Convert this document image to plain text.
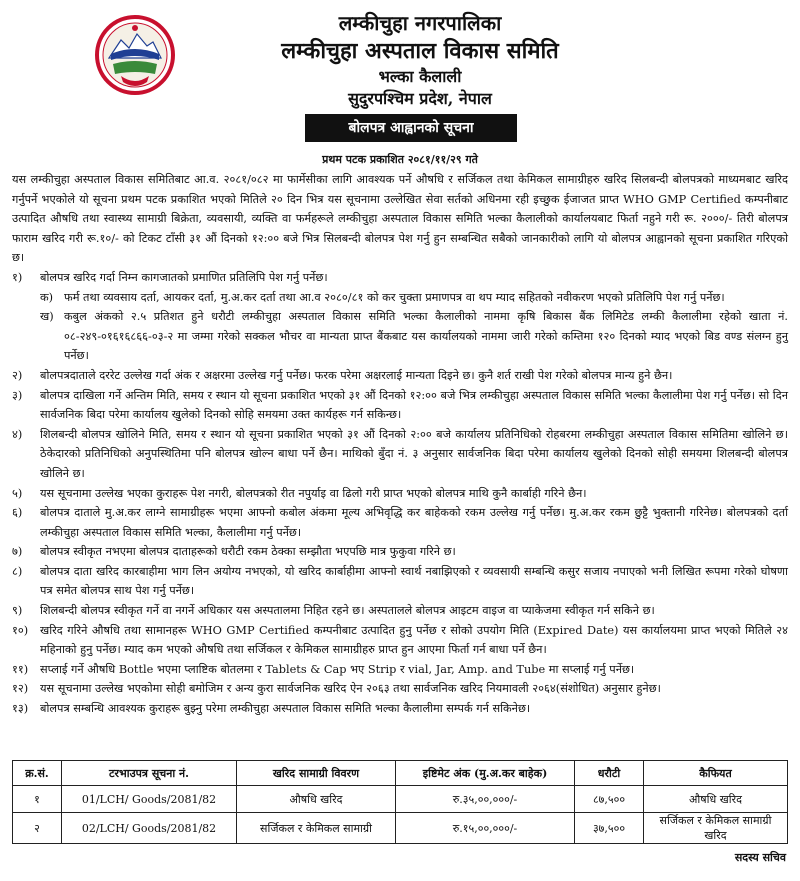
लम्कीचुहा नगरपालिका
लम्कीचुहा अस्पताल विकास समिति
भल्का कैलाली
सुदुरपश्चिम प्रदेश, नेपाल
बोलपत्र आह्वानको सूचना
प्रथम पटक प्रकाशित २०८१/११/२९ गते

यस लम्कीचुहा अस्पताल विकास समितिबाट आ.व. २०८१/०८२ मा फार्मेसीका लागि आवश्यक पर्ने औषधि र सर्जिकल तथा केमिकल सामाग्रीहरु खरिद सिलबन्दी बोलपत्रको माध्यमबाट खरिद गर्नुपर्ने भएकोले यो सूचना प्रथम पटक प्रकाशित भएको मितिले २० दिन भित्र यस सूचनामा उल्लेखित सेवा सर्तको अधिनमा रही इच्छुक ईजाजत प्राप्त WHO GMP Certified कम्पनीबाट उत्पादित औषधि तथा स्वास्थ्य सामाग्री बिक्रेता, व्यवसायी, व्यक्ति वा फर्महरूले लम्कीचुहा अस्पताल विकास समिति भल्का कैलालीको कार्यालयबाट फिर्ता नहुने गरी रू. २०००/- तिरी बोलपत्र फाराम खरिद गरी रू.१०/- को टिकट टाँसी ३१ औं दिनको १२:०० बजे भित्र सिलबन्दी बोलपत्र पेश गर्नु हुन सम्बन्धित सबैको जानकारीको लागि यो बोलपत्र आह्वानको सूचना प्रकाशित गरिएको छ।

१)	बोलपत्र खरिद गर्दा निम्न कागजातको प्रमाणित प्रतिलिपि पेश गर्नु पर्नेछ।
क) फर्म तथा व्यवसाय दर्ता, आयकर दर्ता, मु.अ.कर दर्ता तथा आ.व २०८०/८१ को कर चुक्ता प्रमाणपत्र वा थप म्याद सहितको नवीकरण भएको प्रतिलिपि पेश गर्नु पर्नेछ।
ख) कबुल अंकको २.५ प्रतिशत हुने धरौटी लम्कीचुहा अस्पताल विकास समिति भल्का कैलालीको नाममा कृषि बिकास बैंक लिमिटेड लम्की कैलालीमा रहेको खाता नं. ०८-२४९-०१६१६८६६-०३-२ मा जम्मा गरेको सक्कल भौचर वा मान्यता प्राप्त बैंकबाट यस कार्यालयको नाममा जारी गरेको कम्तिमा १२० दिनको म्याद भएको बिड वण्ड संलग्न हुनु पर्नेछ।
२)	बोलपत्रदाताले दररेट उल्लेख गर्दा अंक र अक्षरमा उल्लेख गर्नु पर्नेछ। फरक परेमा अक्षरलाई मान्यता दिइने छ। कुनै शर्त राखी पेश गरेको बोलपत्र मान्य हुने छैन।
३)	बोलपत्र दाखिला गर्ने अन्तिम मिति, समय र स्थान यो सूचना प्रकाशित भएको ३१ औं दिनको १२:०० बजे भित्र लम्कीचुहा अस्पताल विकास समिति भल्का कैलालीमा पेश गर्नु पर्नेछ। सो दिन सार्वजनिक बिदा परेमा कार्यालय खुलेको दिनको सोहि समयमा उक्त कार्यहरू गर्न सकिन्छ।
४)	शिलबन्दी बोलपत्र खोलिने मिति, समय र स्थान यो सूचना प्रकाशित भएको ३१ औं दिनको २:०० बजे कार्यालय प्रतिनिधिको रोहबरमा लम्कीचुहा अस्पताल विकास समितिमा खोलिने छ। ठेकेदारको प्रतिनिधिको अनुपस्थितिमा पनि बोलपत्र खोल्न बाधा पर्ने छैन। माथिको बुँदा नं. ३ अनुसार सार्वजनिक बिदा परेमा कार्यालय खुलेको दिनको सोही समयमा शिलबन्दी बोलपत्र खोलिने छ।
५)	यस सूचनामा उल्लेख भएका कुराहरू पेश नगरी, बोलपत्रको रीत नपुर्याइ वा ढिलो गरी प्राप्त भएको बोलपत्र माथि कुनै कार्बाही गरिने छैन।
६)	बोलपत्र दाताले मु.अ.कर लाग्ने सामाग्रीहरू भएमा आफ्नो कबोल अंकमा मूल्य अभिवृद्धि कर बाहेकको रकम उल्लेख गर्नु पर्नेछ। मु.अ.कर रकम छुट्टै भुक्तानी गरिनेछ। बोलपत्रको दर्ता लम्कीचुहा अस्पताल विकास समिति भल्का, कैलालीमा गर्नु पर्नेछ।
७)	बोलपत्र स्वीकृत नभएमा बोलपत्र दाताहरूको धरौटी रकम ठेक्का सम्झौता भएपछि मात्र फुकुवा गरिने छ।
८)	बोलपत्र दाता खरिद कारबाहीमा भाग लिन अयोग्य नभएको, यो खरिद कार्बाहीमा आफ्नो स्वार्थ नबाझिएको र व्यवसायी सम्बन्धि कसुर सजाय नपाएको भनी लिखित रूपमा गरेको घोषणा पत्र समेत बोलपत्र साथ पेश गर्नु पर्नेछ।
९)	शिलबन्दी बोलपत्र स्वीकृत गर्ने वा नगर्ने अधिकार यस अस्पतालमा निहित रहने छ। अस्पतालले बोलपत्र आइटम वाइज वा प्याकेजमा स्वीकृत गर्न सकिने छ।
१०)	खरिद गरिने औषधि तथा सामानहरू WHO GMP Certified कम्पनीबाट उत्पादित हुनु पर्नेछ र सोको उपयोग मिति (Expired Date) यस कार्यालयमा प्राप्त भएको मितिले २४ महिनाको हुनु पर्नेछ। म्याद कम भएको औषधि तथा सर्जिकल र केमिकल सामाग्रीहरु प्राप्त हुन आएमा फिर्ता गर्न बाधा पर्ने छैन।
११)	सप्लाई गर्ने औषधि Bottle भएमा प्लाष्टिक बोतलमा र Tablets & Cap भए Strip र vial, Jar, Amp. and Tube मा सप्लाई गर्नु पर्नेछ।
१२)	यस सूचनामा उल्लेख भएकोमा सोही बमोजिम र अन्य कुरा सार्वजनिक खरिद ऐन २०६३ तथा सार्वजनिक खरिद नियमावली २०६४(संशोधित) अनुसार हुनेछ।
१३)	बोलपत्र सम्बन्धि आवश्यक कुराहरू बुझ्नु परेमा लम्कीचुहा अस्पताल विकास समिति भल्का कैलालीमा सम्पर्क गर्न सकिनेछ।
क्र.सं.	टरभाउपत्र सूचना नं.	खरिद सामाग्री विवरण	इष्टिमेट अंक (मु.अ.कर बाहेक)	धरौटी	कैफियत
१	01/LCH/ Goods/2081/82	औषधि खरिद	रु.३५,००,०००/-	८७,५००	औषधि खरिद
२	02/LCH/ Goods/2081/82	सर्जिकल र केमिकल सामाग्री	रु.१५,००,०००/-	३७,५००	सर्जिकल र केमिकल सामाग्री खरिद
सदस्य सचिव
